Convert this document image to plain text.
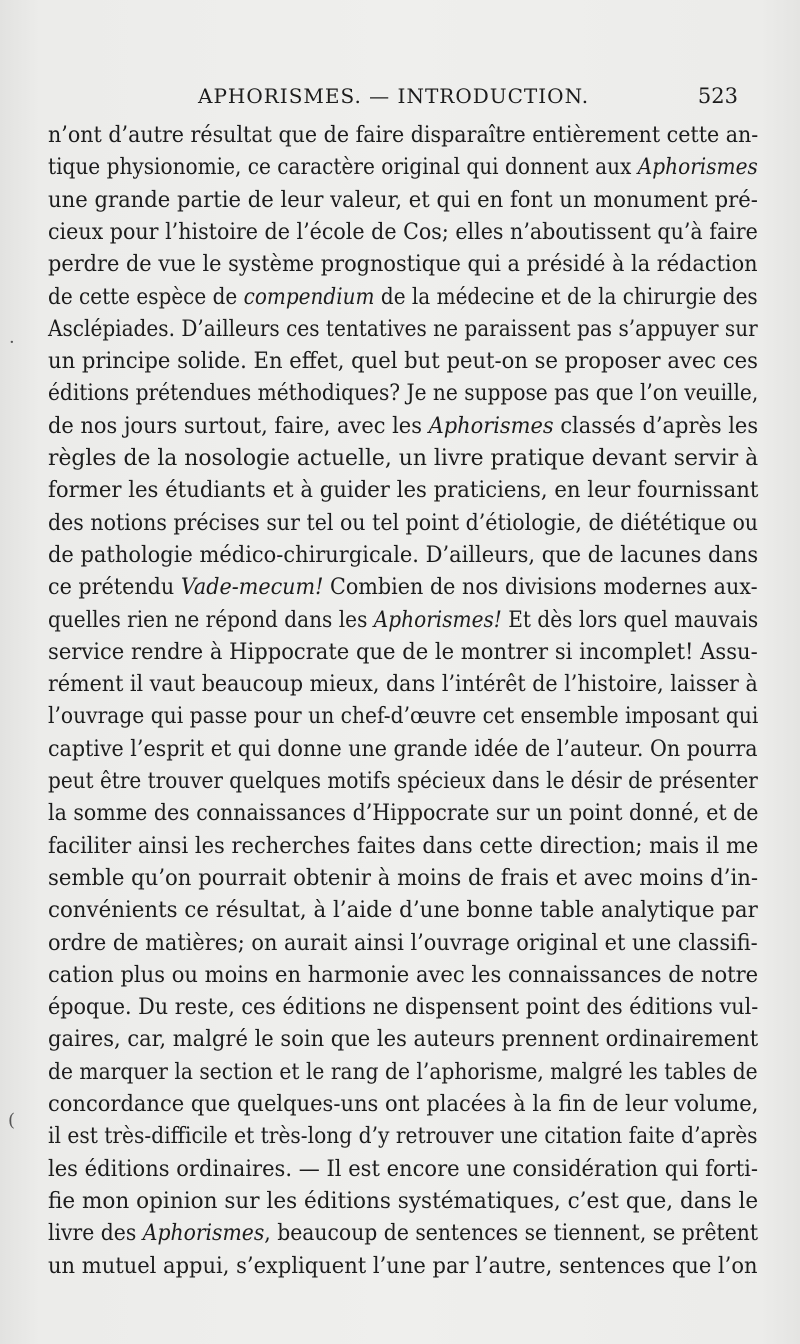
APHORISMES. — INTRODUCTION.	523
n’ont d’autre résultat que de faire disparaître entièrement cette an-
tique physionomie, ce caractère original qui donnent aux Aphorismes
une grande partie de leur valeur, et qui en font un monument pré-
cieux pour l’histoire de l’école de Cos; elles n’aboutissent qu’à faire
perdre de vue le système prognostique qui a présidé à la rédaction
de cette espèce de compendium de la médecine et de la chirurgie des
Asclépiades. D’ailleurs ces tentatives ne paraissent pas s’appuyer sur
un principe solide. En effet, quel but peut-on se proposer avec ces
éditions prétendues méthodiques? Je ne suppose pas que l’on veuille,
de nos jours surtout, faire, avec les Aphorismes classés d’après les
règles de la nosologie actuelle, un livre pratique devant servir à
former les étudiants et à guider les praticiens, en leur fournissant
des notions précises sur tel ou tel point d’étiologie, de diététique ou
de pathologie médico-chirurgicale. D’ailleurs, que de lacunes dans
ce prétendu Vade-mecum! Combien de nos divisions modernes aux-
quelles rien ne répond dans les Aphorismes! Et dès lors quel mauvais
service rendre à Hippocrate que de le montrer si incomplet! Assu-
rément il vaut beaucoup mieux, dans l’intérêt de l’histoire, laisser à
l’ouvrage qui passe pour un chef-d’œuvre cet ensemble imposant qui
captive l’esprit et qui donne une grande idée de l’auteur. On pourra
peut être trouver quelques motifs spécieux dans le désir de présenter
la somme des connaissances d’Hippocrate sur un point donné, et de
faciliter ainsi les recherches faites dans cette direction; mais il me
semble qu’on pourrait obtenir à moins de frais et avec moins d’in-
convénients ce résultat, à l’aide d’une bonne table analytique par
ordre de matières; on aurait ainsi l’ouvrage original et une classifi-
cation plus ou moins en harmonie avec les connaissances de notre
époque. Du reste, ces éditions ne dispensent point des éditions vul-
gaires, car, malgré le soin que les auteurs prennent ordinairement
de marquer la section et le rang de l’aphorisme, malgré les tables de
concordance que quelques-uns ont placées à la fin de leur volume,
il est très-difficile et très-long d’y retrouver une citation faite d’après
les éditions ordinaires. — Il est encore une considération qui forti-
fie mon opinion sur les éditions systématiques, c’est que, dans le
livre des Aphorismes, beaucoup de sentences se tiennent, se prêtent
un mutuel appui, s’expliquent l’une par l’autre, sentences que l’on
·
(
